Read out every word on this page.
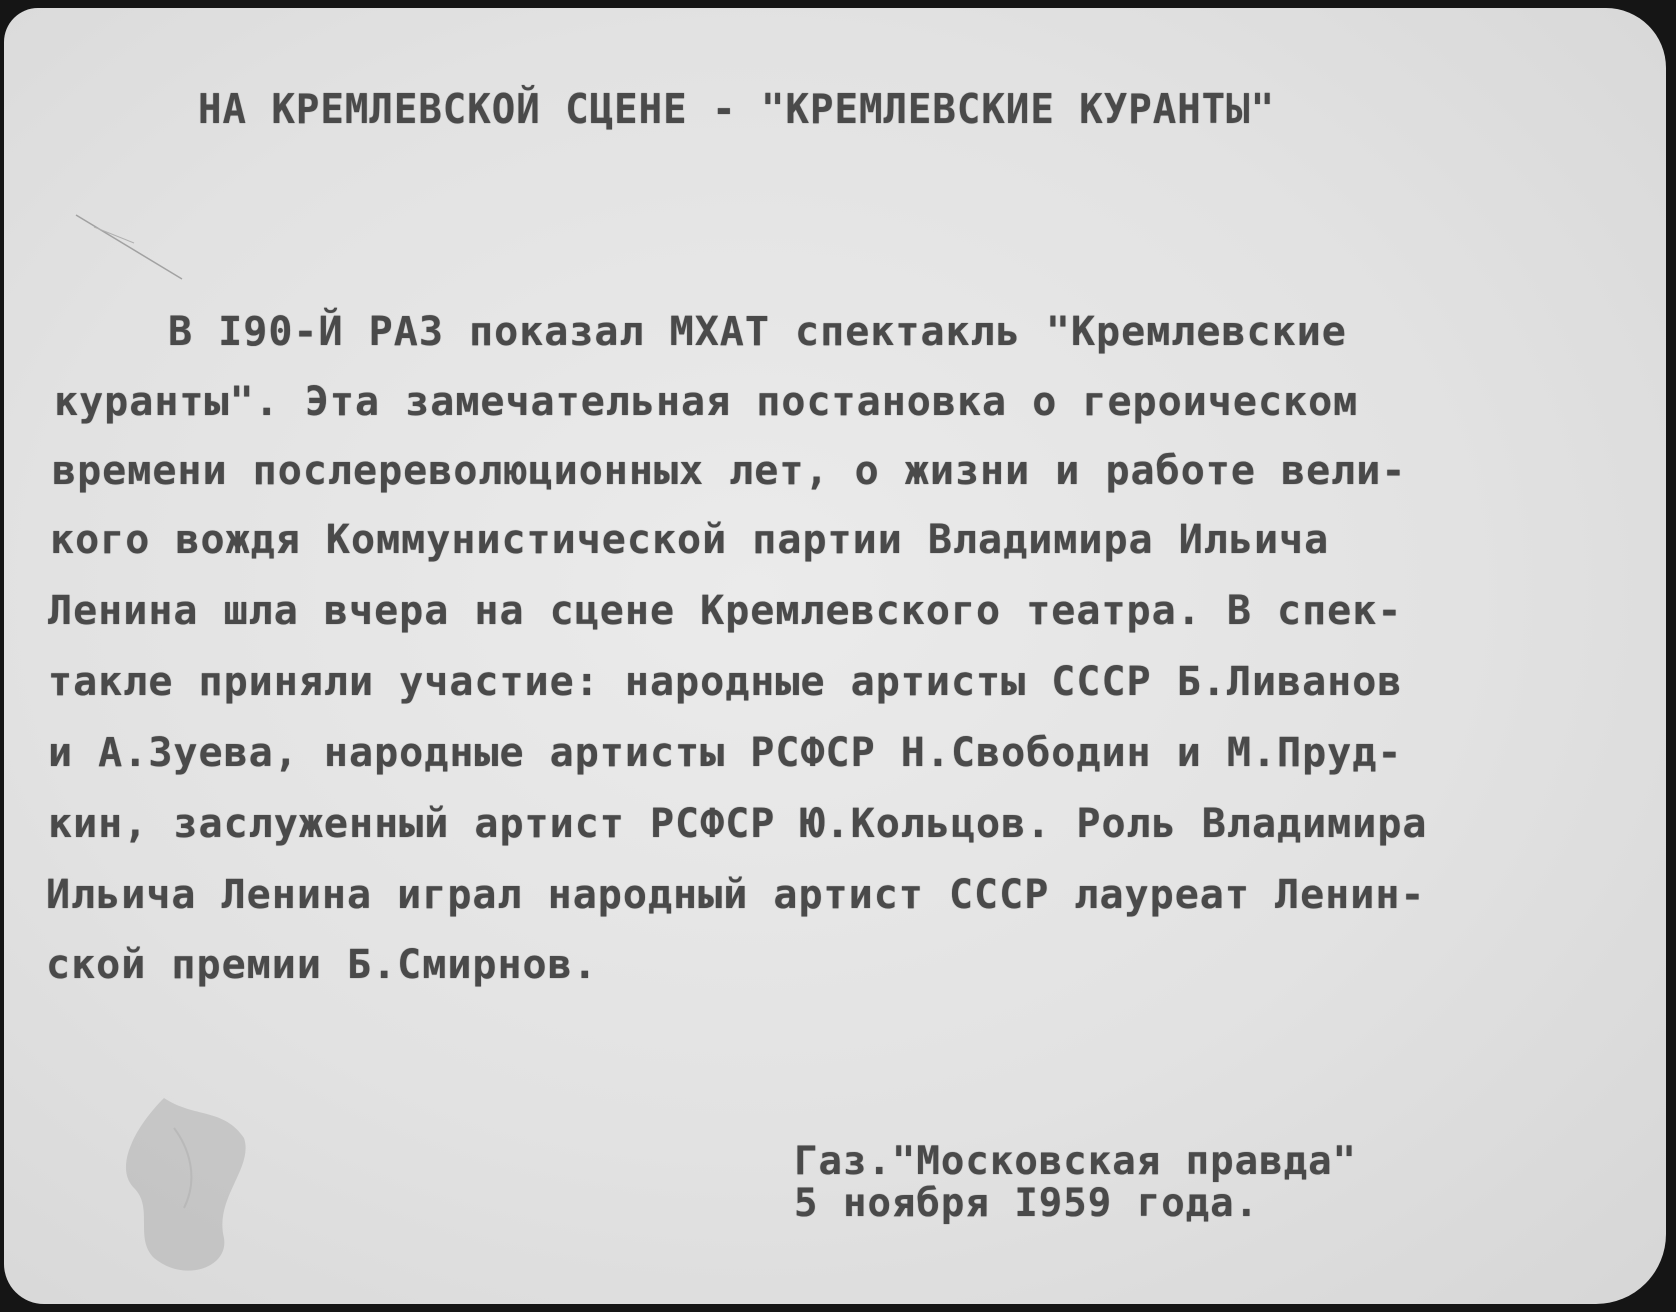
НА КРЕМЛЕВСКОЙ СЦЕНЕ - "КРЕМЛЕВСКИЕ КУРАНТЫ"
В I90-Й РАЗ показал МХАТ спектакль "Кремлевские
куранты". Эта замечательная постановка о героическом
времени послереволюционных лет, о жизни и работе вели-
кого вождя Коммунистической партии Владимира Ильича
Ленина шла вчера на сцене Кремлевского театра. В спек-
такле приняли участие: народные артисты СССР Б.Ливанов
и А.Зуева, народные артисты РСФСР Н.Свободин и М.Пруд-
кин, заслуженный артист РСФСР Ю.Кольцов. Роль Владимира
Ильича Ленина играл народный артист СССР лауреат Ленин-
ской премии Б.Смирнов.
Газ."Московская правда"
5 ноября I959 года.
